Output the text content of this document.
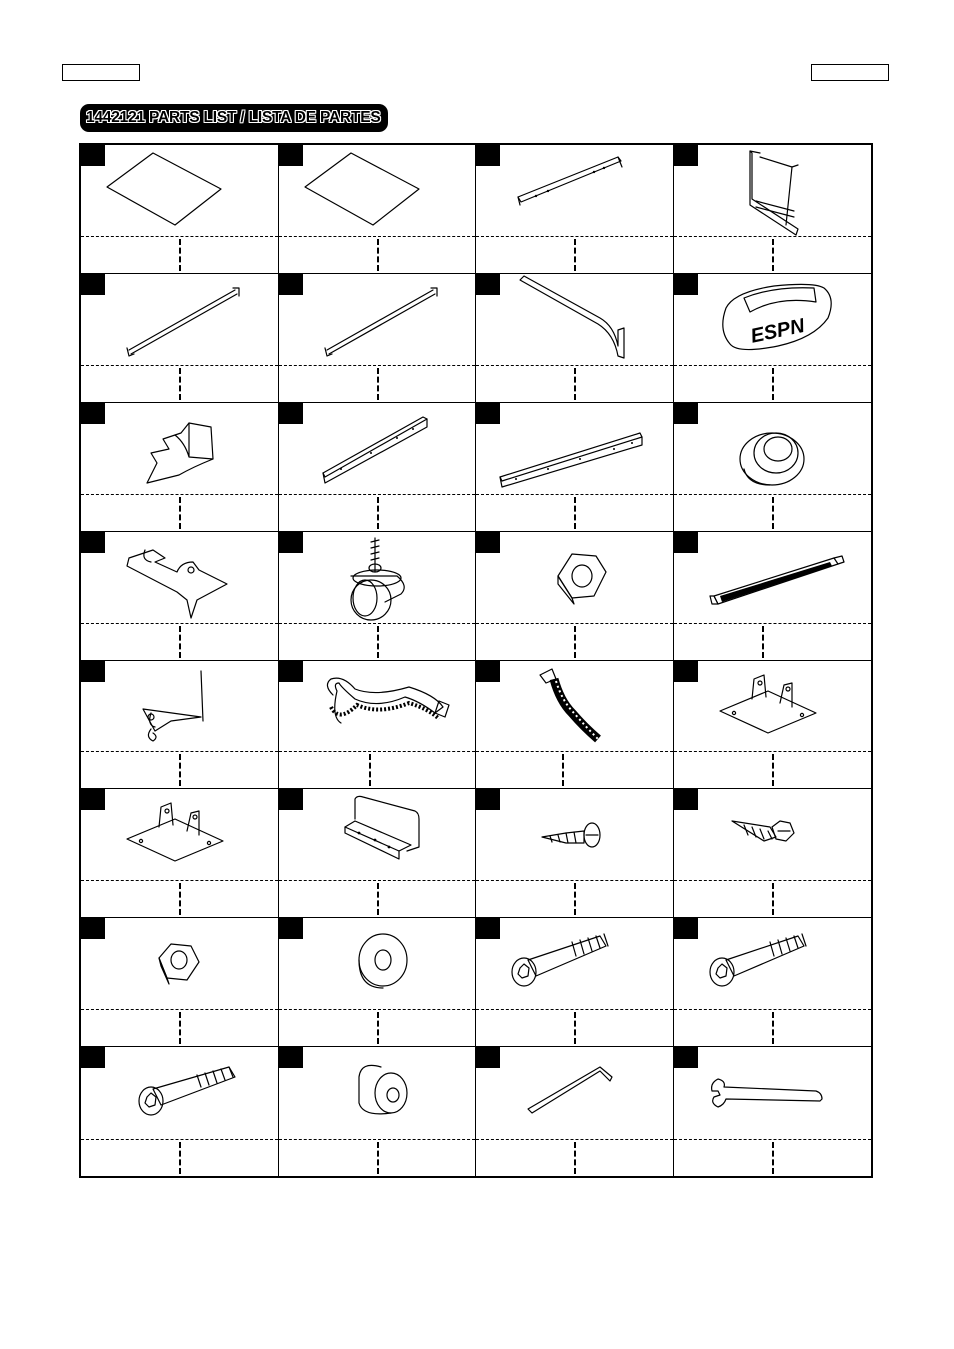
1442121 PARTS LIST / LISTA DE PARTES
ESPN
